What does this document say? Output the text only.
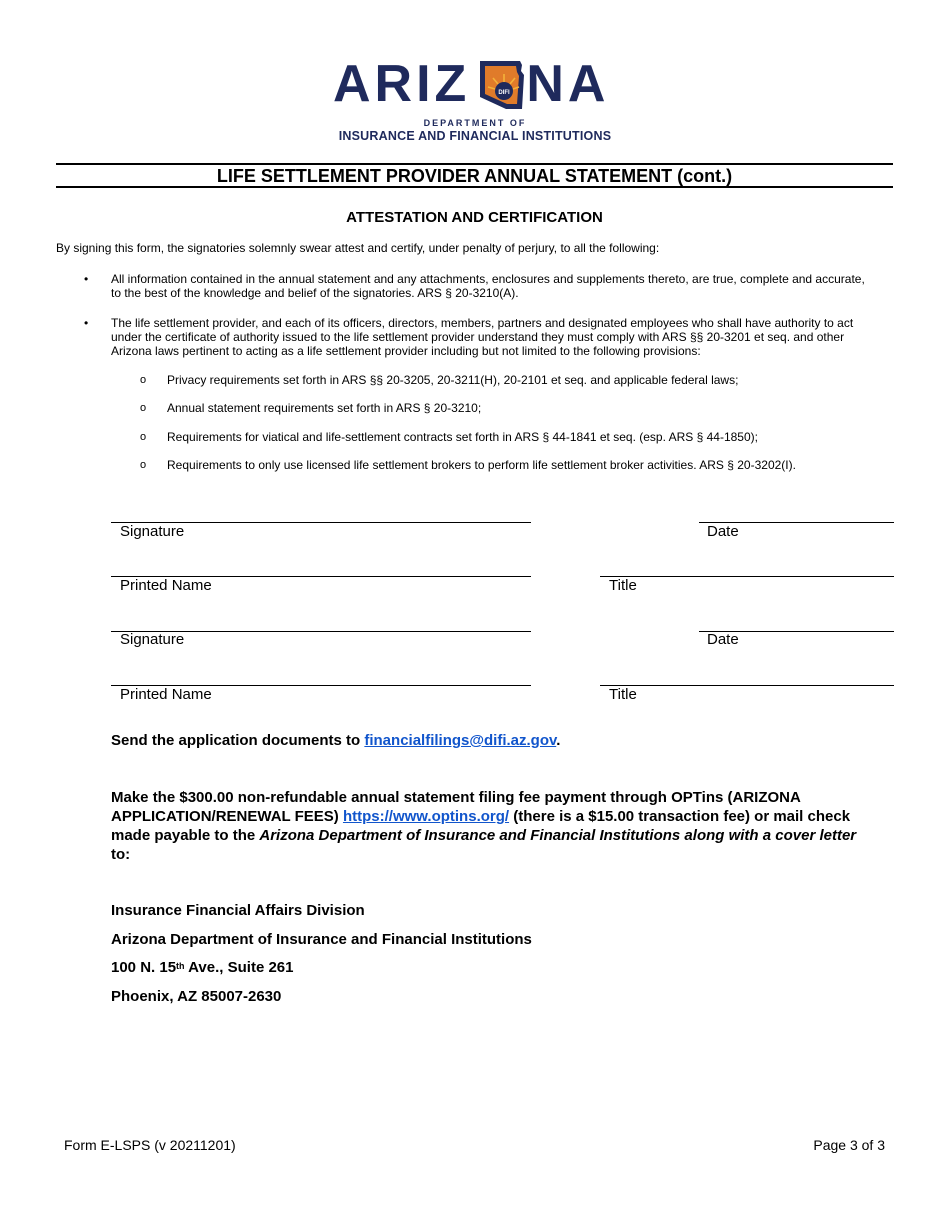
ARIZ NA
DIFI
DEPARTMENT OF
INSURANCE AND FINANCIAL INSTITUTIONS
LIFE SETTLEMENT PROVIDER ANNUAL STATEMENT (cont.)
ATTESTATION AND CERTIFICATION
By signing this form, the signatories solemnly swear attest and certify, under penalty of perjury, to all the following:
• All information contained in the annual statement and any attachments, enclosures and supplements thereto, are true, complete and accurate,
to the best of the knowledge and belief of the signatories. ARS § 20-3210(A).
• The life settlement provider, and each of its officers, directors, members, partners and designated employees who shall have authority to act
under the certificate of authority issued to the life settlement provider understand they must comply with ARS §§ 20-3201 et seq. and other
Arizona laws pertinent to acting as a life settlement provider including but not limited to the following provisions:
o Privacy requirements set forth in ARS §§ 20-3205, 20-3211(H), 20-2101 et seq. and applicable federal laws;
o Annual statement requirements set forth in ARS § 20-3210;
o Requirements for viatical and life-settlement contracts set forth in ARS § 44-1841 et seq. (esp. ARS § 44-1850);
o Requirements to only use licensed life settlement brokers to perform life settlement broker activities. ARS § 20-3202(I).
Signature	Date
Printed Name	Title
Signature	Date
Printed Name	Title
Send the application documents to financialfilings@difi.az.gov.
Make the $300.00 non-refundable annual statement filing fee payment through OPTins (ARIZONA
APPLICATION/RENEWAL FEES) https://www.optins.org/ (there is a $15.00 transaction fee) or mail check
made payable to the Arizona Department of Insurance and Financial Institutions along with a cover letter
to:
Insurance Financial Affairs Division
Arizona Department of Insurance and Financial Institutions
100 N. 15th Ave., Suite 261
Phoenix, AZ 85007-2630
Form E-LSPS (v 20211201)	Page 3 of 3
